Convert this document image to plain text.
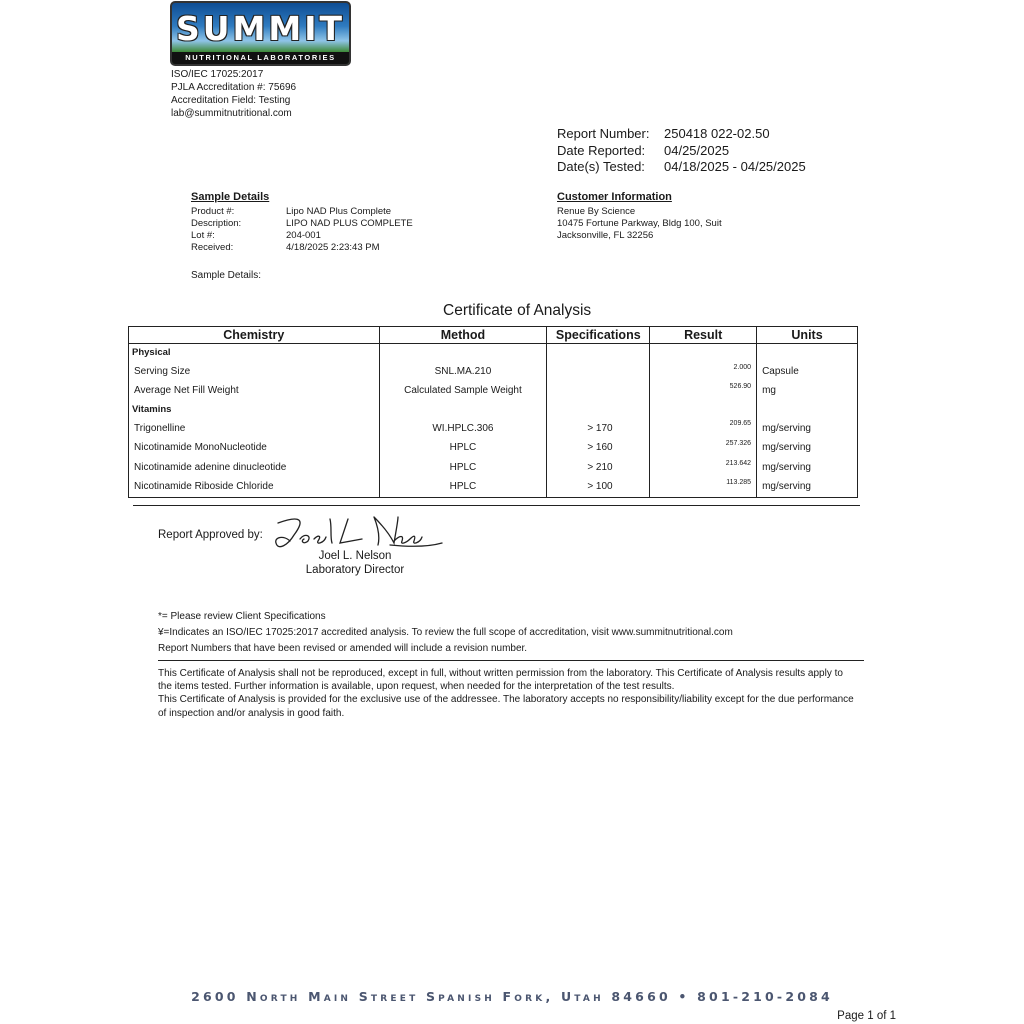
SUMMIT
NUTRITIONAL LABORATORIES
ISO/IEC 17025:2017
PJLA Accreditation #: 75696
Accreditation Field: Testing
lab@summitnutritional.com
Report Number:	250418 022-02.50
Date Reported:	04/25/2025
Date(s) Tested:	04/18/2025 - 04/25/2025
Sample Details
Product #:	Lipo NAD Plus Complete
Description:	LIPO NAD PLUS COMPLETE
Lot #:	204-001
Received:	4/18/2025 2:23:43 PM
Sample Details:
Customer Information
Renue By Science
10475 Fortune Parkway, Bldg 100, Suit
Jacksonville, FL 32256
Certificate of Analysis
Chemistry	Method	Specifications	Result	Units
Physical				
Serving Size	SNL.MA.210		2.000	Capsule
Average Net Fill Weight	Calculated Sample Weight		526.90	mg
Vitamins				
Trigonelline	WI.HPLC.306	> 170	209.65	mg/serving
Nicotinamide MonoNucleotide	HPLC	> 160	257.326	mg/serving
Nicotinamide adenine dinucleotide	HPLC	> 210	213.642	mg/serving
Nicotinamide Riboside Chloride	HPLC	> 100	113.285	mg/serving
Report Approved by:
Joel L. Nelson
Laboratory Director
*= Please review Client Specifications
¥=Indicates an ISO/IEC 17025:2017 accredited analysis. To review the full scope of accreditation, visit www.summitnutritional.com
Report Numbers that have been revised or amended will include a revision number.
This Certificate of Analysis shall not be reproduced, except in full, without written permission from the laboratory. This Certificate of Analysis results apply to the items tested. Further information is available, upon request, when needed for the interpretation of the test results.
This Certificate of Analysis is provided for the exclusive use of the addressee. The laboratory accepts no responsibility/liability except for the due performance of inspection and/or analysis in good faith.
2600 North Main Street Spanish Fork, Utah 84660 • 801-210-2084
Page 1 of 1
